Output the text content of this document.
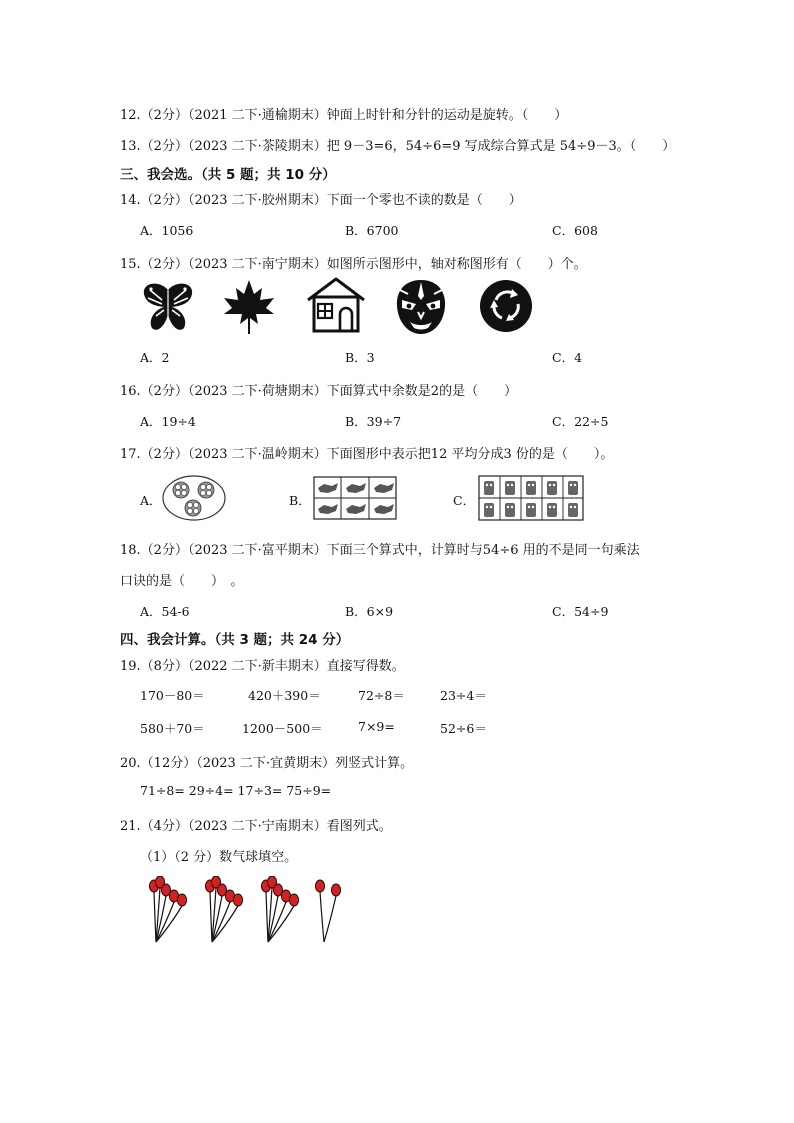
12.（2分）（2021 二下·通榆期末）钟面上时针和分针的运动是旋转。（　　）
13.（2分）（2023 二下·茶陵期末）把 9－3=6，54÷6=9 写成综合算式是 54÷9－3。（　　）
三、我会选。（共 5 题；共 10 分）
14.（2分）（2023 二下·胶州期末）下面一个零也不读的数是（　　）
A．1056	B．6700	C．608
15.（2分）（2023 二下·南宁期末）如图所示图形中，轴对称图形有（　　）个。
A．2	B．3	C．4
16.（2分）（2023 二下·荷塘期末）下面算式中余数是2的是（　　）
A．19÷4	B．39÷7	C．22÷5
17.（2分）（2023 二下·温岭期末）下面图形中表示把12 平均分成3 份的是（　　）。
A．	B．	C．
18.（2分）（2023 二下·富平期末）下面三个算式中，计算时与54÷6 用的不是同一句乘法
口诀的是（　　）　。
A．54-6	B．6×9	C．54÷9
四、我会计算。（共 3 题；共 24 分）
19.（8分）（2022 二下·新丰期末）直接写得数。
170－80＝	420＋390＝	72÷8＝	23÷4＝
580＋70＝	1200－500＝	7×9=	52÷6＝
20.（12分）（2023 二下·宜黄期末）列竖式计算。
71÷8= 29÷4= 17÷3= 75÷9=
21.（4分）（2023 二下·宁南期末）看图列式。
（1）（2 分）数气球填空。
